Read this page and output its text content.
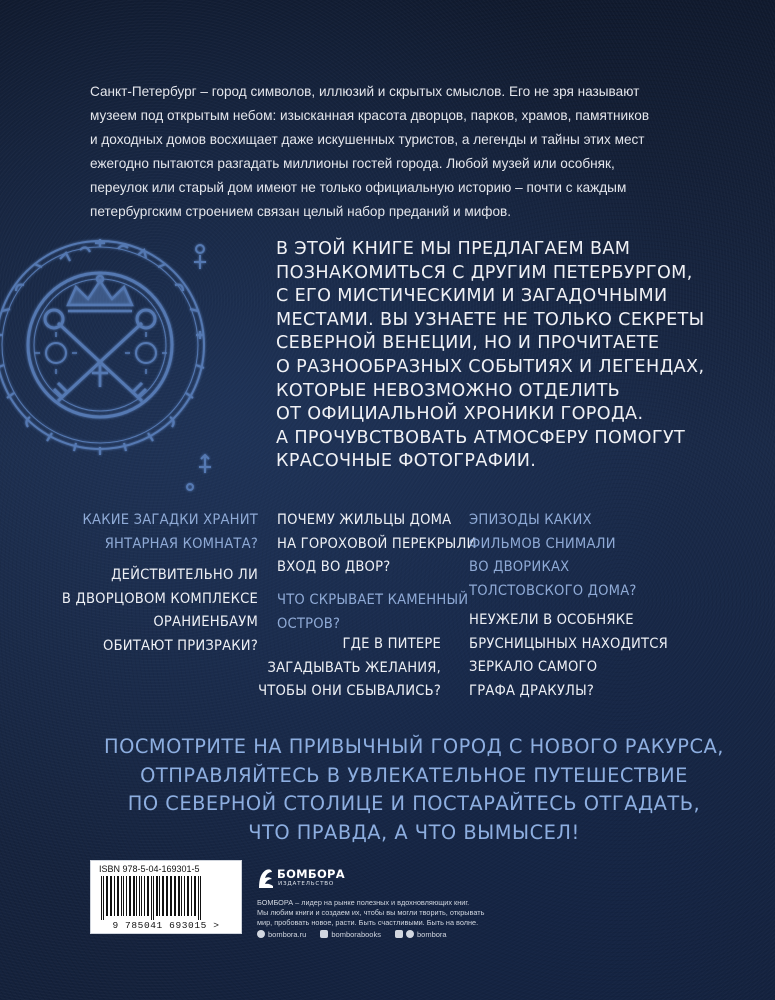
Санкт-Петербург – город символов, иллюзий и скрытых смыслов. Его не зря называют
музеем под открытым небом: изысканная красота дворцов, парков, храмов, памятников
и доходных домов восхищает даже искушенных туристов, а легенды и тайны этих мест
ежегодно пытаются разгадать миллионы гостей города. Любой музей или особняк,
переулок или старый дом имеют не только официальную историю – почти с каждым
петербургским строением связан целый набор преданий и мифов.
В ЭТОЙ КНИГЕ МЫ ПРЕДЛАГАЕМ ВАМ
ПОЗНАКОМИТЬСЯ С ДРУГИМ ПЕТЕРБУРГОМ,
С ЕГО МИСТИЧЕСКИМИ И ЗАГАДОЧНЫМИ
МЕСТАМИ. ВЫ УЗНАЕТЕ НЕ ТОЛЬКО СЕКРЕТЫ
СЕВЕРНОЙ ВЕНЕЦИИ, НО И ПРОЧИТАЕТЕ
О РАЗНООБРАЗНЫХ СОБЫТИЯХ И ЛЕГЕНДАХ,
КОТОРЫЕ НЕВОЗМОЖНО ОТДЕЛИТЬ
ОТ ОФИЦИАЛЬНОЙ ХРОНИКИ ГОРОДА.
А ПРОЧУВСТВОВАТЬ АТМОСФЕРУ ПОМОГУТ
КРАСОЧНЫЕ ФОТОГРАФИИ.
КАКИЕ ЗАГАДКИ ХРАНИТ
ЯНТАРНАЯ КОМНАТА?
ДЕЙСТВИТЕЛЬНО ЛИ
В ДВОРЦОВОМ КОМПЛЕКСЕ
ОРАНИЕНБАУМ
ОБИТАЮТ ПРИЗРАКИ?
ПОЧЕМУ ЖИЛЬЦЫ ДОМА
НА ГОРОХОВОЙ ПЕРЕКРЫЛИ
ВХОД ВО ДВОР?
ЧТО СКРЫВАЕТ КАМЕННЫЙ
ОСТРОВ?
ГДЕ В ПИТЕРЕ
ЗАГАДЫВАТЬ ЖЕЛАНИЯ,
ЧТОБЫ ОНИ СБЫВАЛИСЬ?
ЭПИЗОДЫ КАКИХ
ФИЛЬМОВ СНИМАЛИ
ВО ДВОРИКАХ
ТОЛСТОВСКОГО ДОМА?
НЕУЖЕЛИ В ОСОБНЯКЕ
БРУСНИЦЫНЫХ НАХОДИТСЯ
ЗЕРКАЛО САМОГО
ГРАФА ДРАКУЛЫ?
ПОСМОТРИТЕ НА ПРИВЫЧНЫЙ ГОРОД С НОВОГО РАКУРСА,
ОТПРАВЛЯЙТЕСЬ В УВЛЕКАТЕЛЬНОЕ ПУТЕШЕСТВИЕ
ПО СЕВЕРНОЙ СТОЛИЦЕ И ПОСТАРАЙТЕСЬ ОТГАДАТЬ,
ЧТО ПРАВДА, А ЧТО ВЫМЫСЕЛ!
ISBN 978-5-04-169301-5
9 785041 693015 >
БОМБОРА
ИЗДАТЕЛЬСТВО
БОМБОРА – лидер на рынке полезных и вдохновляющих книг.
Мы любим книги и создаем их, чтобы вы могли творить, открывать
мир, пробовать новое, расти. Быть счастливыми. Быть на волне.
bombora.ru	bomborabooks	bombora
